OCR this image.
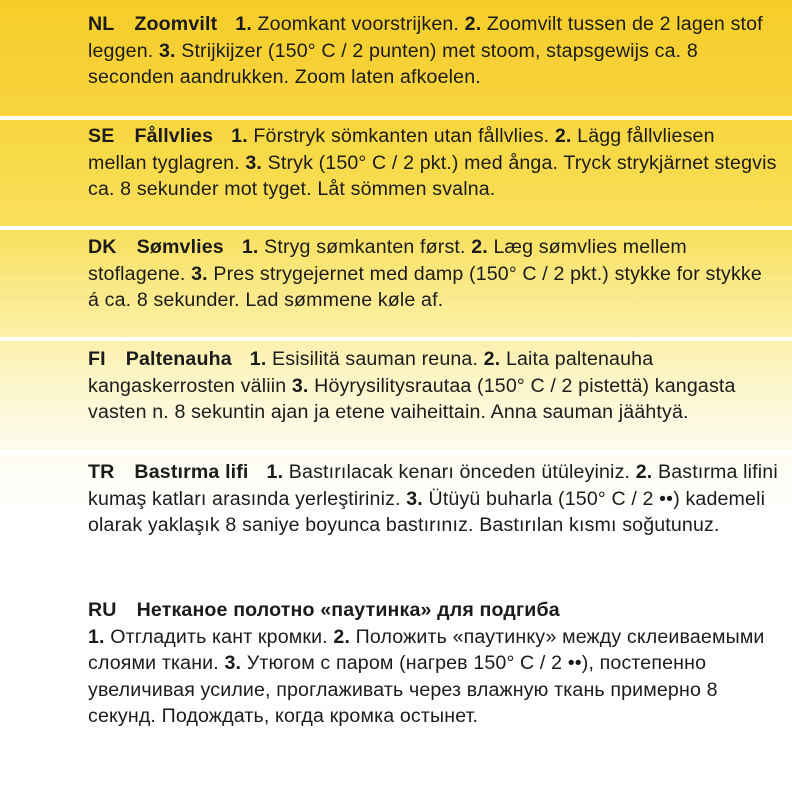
NL Zoomvilt 1. Zoomkant voorstrijken. 2. Zoomvilt tussen de 2 lagen stof leggen. 3. Strijkijzer (150° C / 2 punten) met stoom, stapsgewijs ca. 8 seconden aandrukken. Zoom laten afkoelen.

SE Fållvlies 1. Förstryk sömkanten utan fållvlies. 2. Lägg fållvliesen mellan tyglagren. 3. Stryk (150° C / 2 pkt.) med ånga. Tryck strykjärnet stegvis ca. 8 sekunder mot tyget. Låt sömmen svalna.

DK Sømvlies 1. Stryg sømkanten først. 2. Læg sømvlies mellem stoflagene. 3. Pres strygejernet med damp (150° C / 2 pkt.) stykke for stykke á ca. 8 sekunder. Lad sømmene køle af.

FI Paltenauha 1. Esisilitä sauman reuna. 2. Laita paltenauha kangaskerrosten väliin 3. Höyrysilitysrautaa (150° C / 2 pistettä) kangasta vasten n. 8 sekuntin ajan ja etene vaiheittain. Anna sauman jäähtyä.

TR Bastırma lifi 1. Bastırılacak kenarı önceden ütüleyiniz. 2. Bastırma lifini kumaş katları arasında yerleştiriniz. 3. Ütüyü buharla (150° C / 2 ••) kademeli olarak yaklaşık 8 saniye boyunca bastırınız. Bastırılan kısmı soğutunuz.

RU Нетканое полотно «паутинка» для подгиба
1. Отгладить кант кромки. 2. Положить «паутинку» между склеиваемыми слоями ткани. 3. Утюгом с паром (нагрев 150° C / 2 ••), постепенно увеличивая усилие, проглаживать через влажную ткань примерно 8 секунд. Подождать, когда кромка остынет.
